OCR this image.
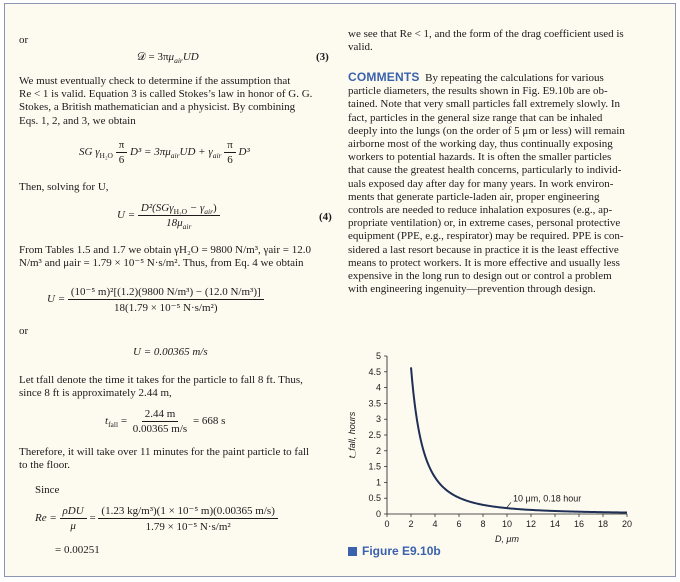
or
𝒟 = $3\pi\mu_{air}UD$	(3)
We must eventually check to determine if the assumption that
Re < 1 is valid. Equation 3 is called Stokes’s law in honor of G. G.
Stokes, a British mathematician and a physicist. By combining
Eqs. 1, 2, and 3, we obtain
SG $\gamma_{H_2O} \frac{\pi}{6} D^3 = 3\pi\mu_{air}UD + \gamma_{air} \frac{\pi}{6} D^3$
Then, solving for U,
$U = \frac{D^2(SG\gamma_{H_2O} - \gamma_{air})}{18\mu_{air}}$	(4)
From Tables 1.5 and 1.7 we obtain γH₂O = 9800 N/m³, γair = 12.0
N/m³ and μair = 1.79 × 10⁻⁵ N·s/m². Thus, from Eq. 4 we obtain
$U = \frac{\text{(10⁻⁵ m)²[(1.2)(9800 N/m³) − (12.0 N/m³)]}}{\text{18(1.79 × 10⁻⁵ N·s/m²)}}$
or
U = 0.00365 m/s
Let tfall denote the time it takes for the particle to fall 8 ft. Thus,
since 8 ft is approximately 2.44 m,
$t_{fall} = \frac{2.44 m}{0.00365 m/s} = 668$ s
Therefore, it will take over 11 minutes for the paint particle to fall
to the floor.
Since
$Re = \frac{\text{ρDU}}{\mu} = \frac{\text{(1.23 kg/m³)(1 × 10⁻⁵ m)(0.00365 m/s)}}{\text{1.79 × 10⁻⁵ N·s/m²}}$
= 0.00251
we see that Re < 1, and the form of the drag coefficient used is
valid.
COMMENTS By repeating the calculations for various
particle diameters, the results shown in Fig. E9.10b are ob-
tained. Note that very small particles fall extremely slowly. In
fact, particles in the general size range that can be inhaled
deeply into the lungs (on the order of 5 μm or less) will remain
airborne most of the working day, thus continually exposing
workers to potential hazards. It is often the smaller particles
that cause the greatest health concerns, particularly to individ-
uals exposed day after day for many years. In work environ-
ments that generate particle-laden air, proper engineering
controls are needed to reduce inhalation exposures (e.g., ap-
propriate ventilation) or, in extreme cases, personal protective
equipment (PPE, e.g., respirator) may be required. PPE is con-
sidered a last resort because in practice it is the least effective
means to protect workers. It is more effective and usually less
expensive in the long run to design out or control a problem
with engineering ingenuity—prevention through design.
0 2 4 6 8 10 12 14 16 18 20
0
0.5
1
1.5
2
2.5
3
3.5
4
4.5
5
10 μm, 0.18 hour
D, μm
t_fall, hours
Figure E9.10b
